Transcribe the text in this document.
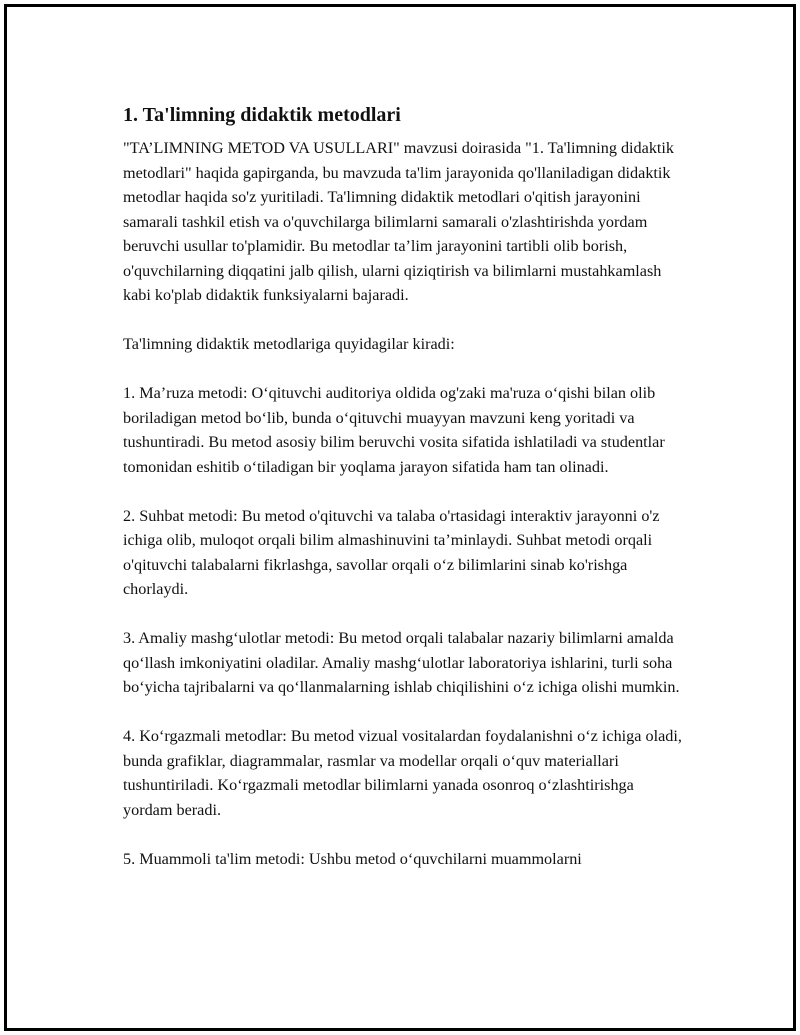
1. Ta'limning didaktik metodlari

"TA’LIMNING METOD VA USULLARI" mavzusi doirasida "1. Ta'limning didaktik metodlari" haqida gapirganda, bu mavzuda ta'lim jarayonida qo'llaniladigan didaktik metodlar haqida so'z yuritiladi. Ta'limning didaktik metodlari o'qitish jarayonini samarali tashkil etish va o'quvchilarga bilimlarni samarali o'zlashtirishda yordam beruvchi usullar to'plamidir. Bu metodlar ta’lim jarayonini tartibli olib borish, o'quvchilarning diqqatini jalb qilish, ularni qiziqtirish va bilimlarni mustahkamlash kabi ko'plab didaktik funksiyalarni bajaradi.

Ta'limning didaktik metodlariga quyidagilar kiradi:

1. Ma’ruza metodi: O‘qituvchi auditoriya oldida og'zaki ma'ruza o‘qishi bilan olib boriladigan metod bo‘lib, bunda o‘qituvchi muayyan mavzuni keng yoritadi va tushuntiradi. Bu metod asosiy bilim beruvchi vosita sifatida ishlatiladi va studentlar tomonidan eshitib o‘tiladigan bir yoqlama jarayon sifatida ham tan olinadi.

2. Suhbat metodi: Bu metod o'qituvchi va talaba o'rtasidagi interaktiv jarayonni o'z ichiga olib, muloqot orqali bilim almashinuvini ta’minlaydi. Suhbat metodi orqali o'qituvchi talabalarni fikrlashga, savollar orqali o‘z bilimlarini sinab ko'rishga chorlaydi.

3. Amaliy mashg‘ulotlar metodi: Bu metod orqali talabalar nazariy bilimlarni amalda qo‘llash imkoniyatini oladilar. Amaliy mashg‘ulotlar laboratoriya ishlarini, turli soha bo‘yicha tajribalarni va qo‘llanmalarning ishlab chiqilishini o‘z ichiga olishi mumkin.

4. Ko‘rgazmali metodlar: Bu metod vizual vositalardan foydalanishni o‘z ichiga oladi, bunda grafiklar, diagrammalar, rasmlar va modellar orqali o‘quv materiallari tushuntiriladi. Ko‘rgazmali metodlar bilimlarni yanada osonroq o‘zlashtirishga yordam beradi.

5. Muammoli ta'lim metodi: Ushbu metod o‘quvchilarni muammolarni
